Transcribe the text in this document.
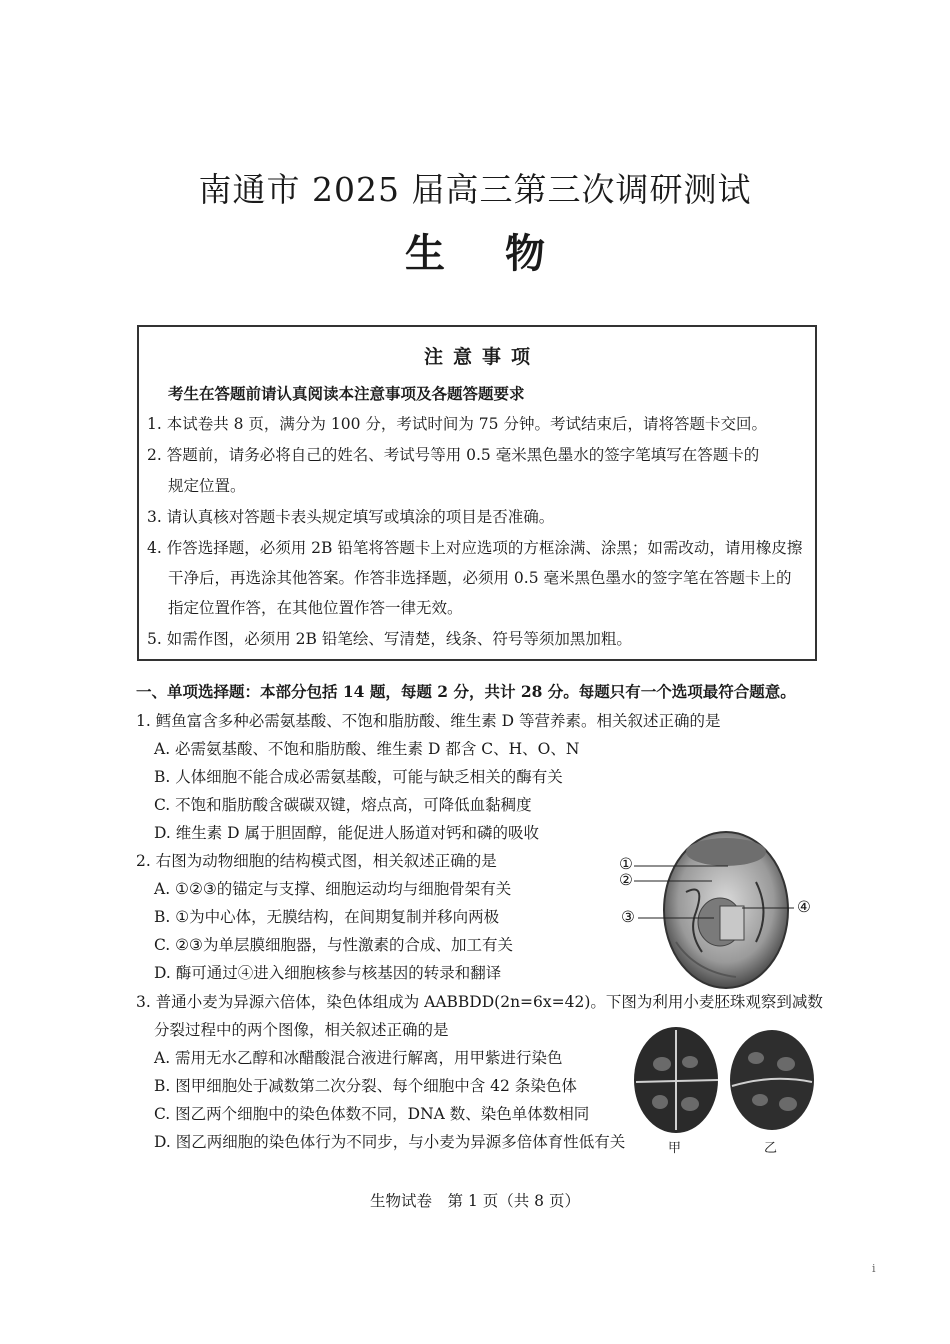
南通市 2025 届高三第三次调研测试
生物
注意事项
考生在答题前请认真阅读本注意事项及各题答题要求
1. 本试卷共 8 页，满分为 100 分，考试时间为 75 分钟。考试结束后，请将答题卡交回。
2. 答题前，请务必将自己的姓名、考试号等用 0.5 毫米黑色墨水的签字笔填写在答题卡的
规定位置。
3. 请认真核对答题卡表头规定填写或填涂的项目是否准确。
4. 作答选择题，必须用 2B 铅笔将答题卡上对应选项的方框涂满、涂黑；如需改动，请用橡皮擦
干净后，再选涂其他答案。作答非选择题，必须用 0.5 毫米黑色墨水的签字笔在答题卡上的
指定位置作答，在其他位置作答一律无效。
5. 如需作图，必须用 2B 铅笔绘、写清楚，线条、符号等须加黑加粗。
一、单项选择题：本部分包括 14 题，每题 2 分，共计 28 分。每题只有一个选项最符合题意。
1. 鳕鱼富含多种必需氨基酸、不饱和脂肪酸、维生素 D 等营养素。相关叙述正确的是
A. 必需氨基酸、不饱和脂肪酸、维生素 D 都含 C、H、O、N
B. 人体细胞不能合成必需氨基酸，可能与缺乏相关的酶有关
C. 不饱和脂肪酸含碳碳双键，熔点高，可降低血黏稠度
D. 维生素 D 属于胆固醇，能促进人肠道对钙和磷的吸收
2. 右图为动物细胞的结构模式图，相关叙述正确的是
A. ①②③的锚定与支撑、细胞运动均与细胞骨架有关
B. ①为中心体，无膜结构，在间期复制并移向两极
C. ②③为单层膜细胞器，与性激素的合成、加工有关
D. 酶可通过④进入细胞核参与核基因的转录和翻译
①
②
③
④
3. 普通小麦为异源六倍体，染色体组成为 AABBDD(2n=6x=42)。下图为利用小麦胚珠观察到减数
分裂过程中的两个图像，相关叙述正确的是
A. 需用无水乙醇和冰醋酸混合液进行解离，用甲紫进行染色
B. 图甲细胞处于减数第二次分裂、每个细胞中含 42 条染色体
C. 图乙两个细胞中的染色体数不同，DNA 数、染色单体数相同
D. 图乙两细胞的染色体行为不同步，与小麦为异源多倍体育性低有关	甲	乙
生物试卷　第 1 页（共 8 页）
i
